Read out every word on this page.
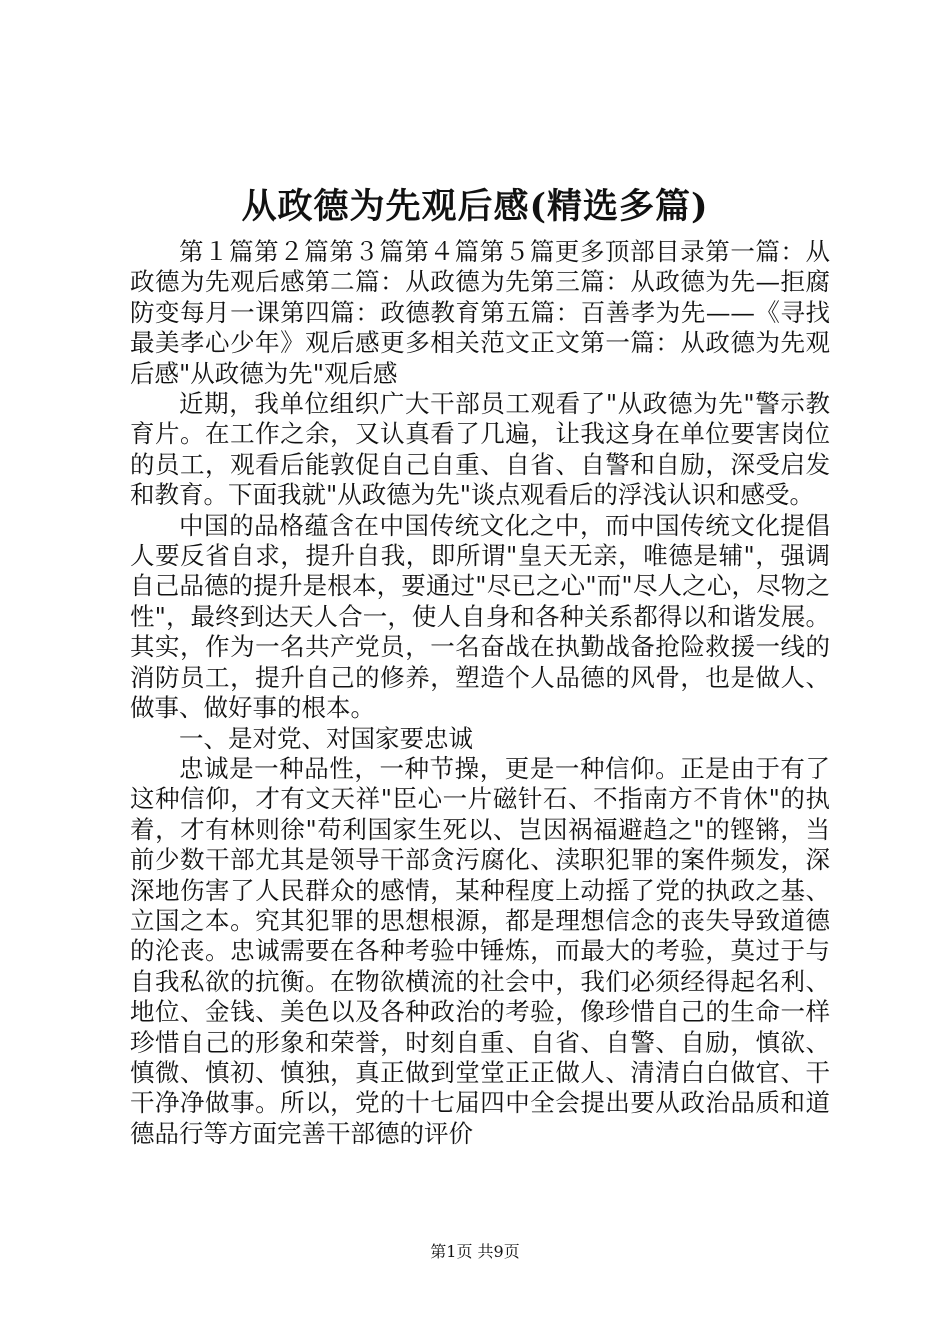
从政德为先观后感(精选多篇)

第１篇第２篇第３篇第４篇第５篇更多顶部目录第一篇：从政德为先观后感第二篇：从政德为先第三篇：从政德为先—拒腐防变每月一课第四篇：政德教育第五篇：百善孝为先——《寻找最美孝心少年》观后感更多相关范文正文第一篇：从政德为先观后感"从政德为先"观后感

近期，我单位组织广大干部员工观看了"从政德为先"警示教育片。在工作之余，又认真看了几遍，让我这身在单位要害岗位的员工，观看后能敦促自己自重、自省、自警和自励，深受启发和教育。下面我就"从政德为先"谈点观看后的浮浅认识和感受。

中国的品格蕴含在中国传统文化之中，而中国传统文化提倡人要反省自求，提升自我，即所谓"皇天无亲，唯德是辅"，强调自己品德的提升是根本，要通过"尽已之心"而"尽人之心，尽物之性"，最终到达天人合一，使人自身和各种关系都得以和谐发展。其实，作为一名共产党员，一名奋战在执勤战备抢险救援一线的消防员工，提升自己的修养，塑造个人品德的风骨，也是做人、做事、做好事的根本。

一、是对党、对国家要忠诚

忠诚是一种品性，一种节操，更是一种信仰。正是由于有了这种信仰，才有文天祥"臣心一片磁针石、不指南方不肯休"的执着，才有林则徐"苟利国家生死以、岂因祸福避趋之"的铿锵，当前少数干部尤其是领导干部贪污腐化、渎职犯罪的案件频发，深深地伤害了人民群众的感情，某种程度上动摇了党的执政之基、立国之本。究其犯罪的思想根源，都是理想信念的丧失导致道德的沦丧。忠诚需要在各种考验中锤炼，而最大的考验，莫过于与自我私欲的抗衡。在物欲横流的社会中，我们必须经得起名利、地位、金钱、美色以及各种政治的考验，像珍惜自己的生命一样珍惜自己的形象和荣誉，时刻自重、自省、自警、自励，慎欲、慎微、慎初、慎独，真正做到堂堂正正做人、清清白白做官、干干净净做事。所以，党的十七届四中全会提出要从政治品质和道德品行等方面完善干部德的评价

第1页 共9页
